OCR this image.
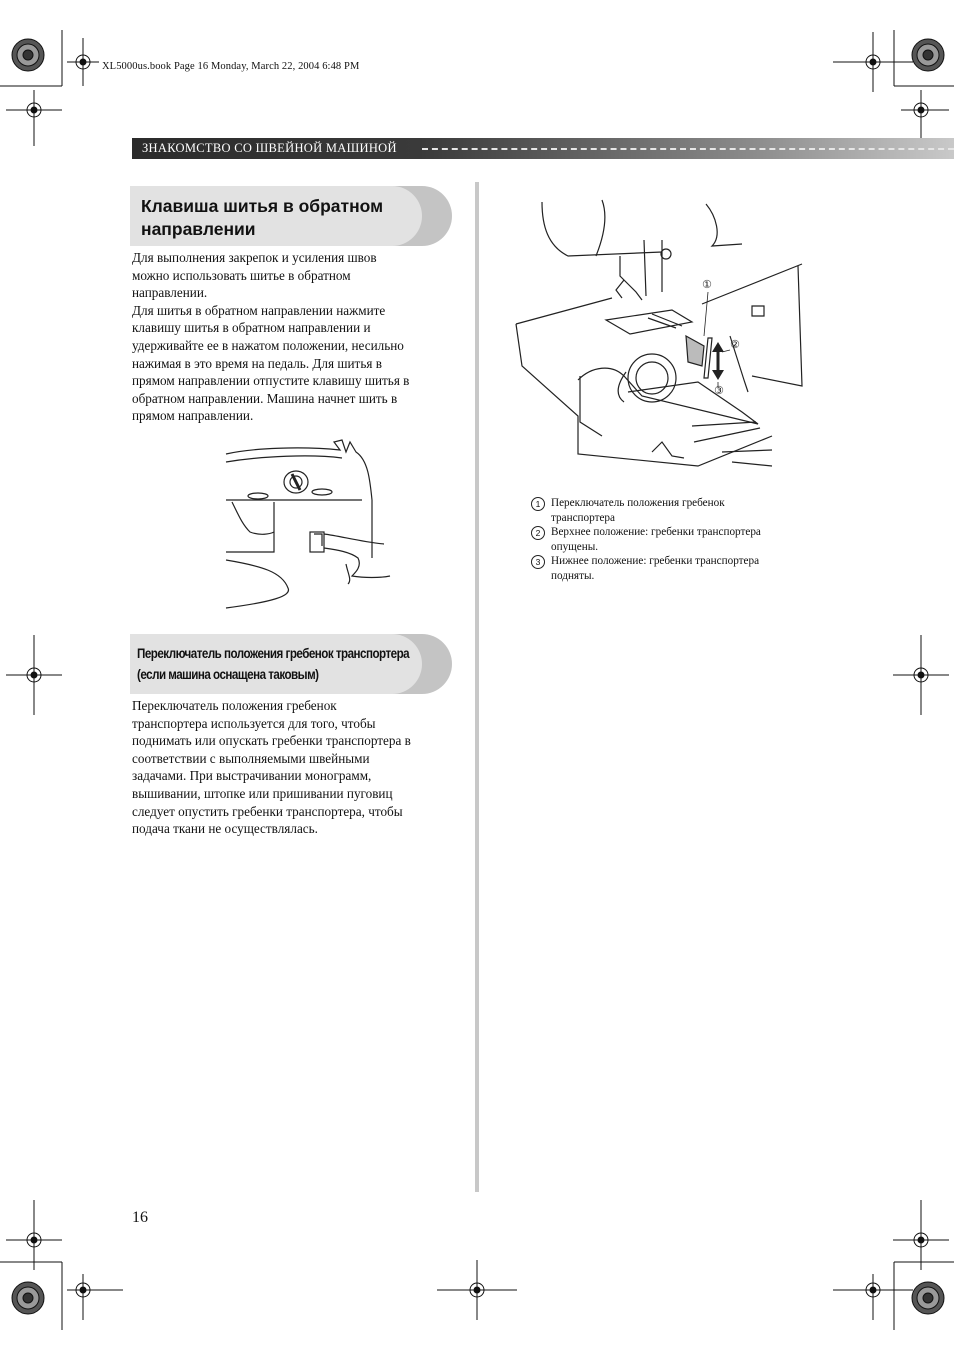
XL5000us.book Page 16 Monday, March 22, 2004 6:48 PM
ЗНАКОМСТВО СО ШВЕЙНОЙ МАШИНОЙ
Клавиша шитья в обратном
направлении

Для выполнения закрепок и усиления швов

можно использовать шитье в обратном

направлении.

Для шитья в обратном направлении нажмите

клавишу шитья в обратном направлении и

удерживайте ее в нажатом положении, несильно

нажимая в это время на педаль. Для шитья в

прямом направлении отпустите клавишу шитья в

обратном направлении. Машина начнет шить в

прямом направлении.

Переключатель положения гребенок транспортера
(если машина оснащена таковым)

Переключатель положения гребенок

транспортера используется для того, чтобы

поднимать или опускать гребенки транспортера в

соответствии с выполняемыми швейными

задачами. При выстрачивании монограмм,

вышивании, штопке или пришивании пуговиц

следует опустить гребенки транспортера, чтобы

подача ткани не осуществлялась.

①
②
③
1 Переключатель положения гребенок
транспортера
2 Верхнее положение: гребенки транспортера
опущены.
3 Нижнее положение: гребенки транспортера
подняты.
16
